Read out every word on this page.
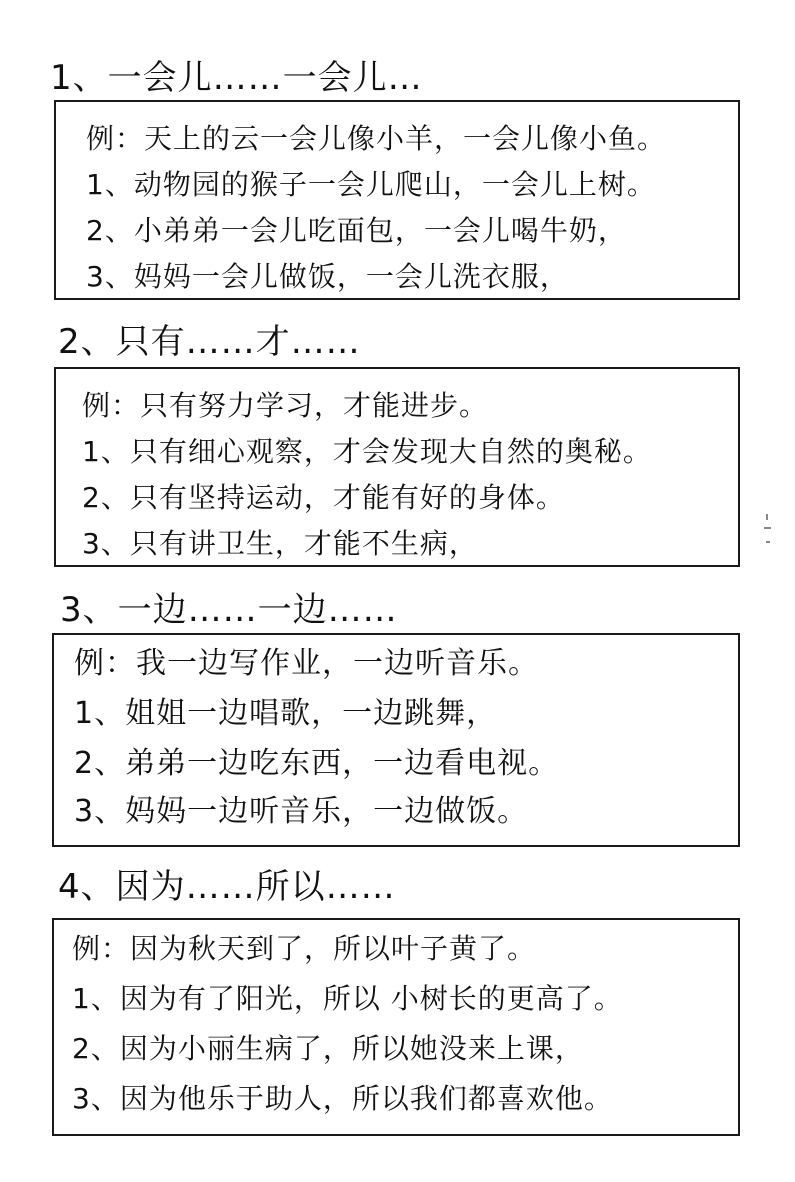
1、一会儿……一会儿…
例：天上的云一会儿像小羊，一会儿像小鱼。
1、动物园的猴子一会儿爬山，一会儿上树。
2、小弟弟一会儿吃面包，一会儿喝牛奶，
3、妈妈一会儿做饭，一会儿洗衣服，
2、只有……才……
例：只有努力学习，才能进步。
1、只有细心观察，才会发现大自然的奥秘。
2、只有坚持运动，才能有好的身体。
3、只有讲卫生，才能不生病，
3、一边……一边……
例：我一边写作业，一边听音乐。
1、姐姐一边唱歌，一边跳舞，
2、弟弟一边吃东西，一边看电视。
3、妈妈一边听音乐，一边做饭。
4、因为……所以……
例：因为秋天到了，所以叶子黄了。
1、因为有了阳光，所以 小树长的更高了。
2、因为小丽生病了，所以她没来上课，
3、因为他乐于助人，所以我们都喜欢他。
